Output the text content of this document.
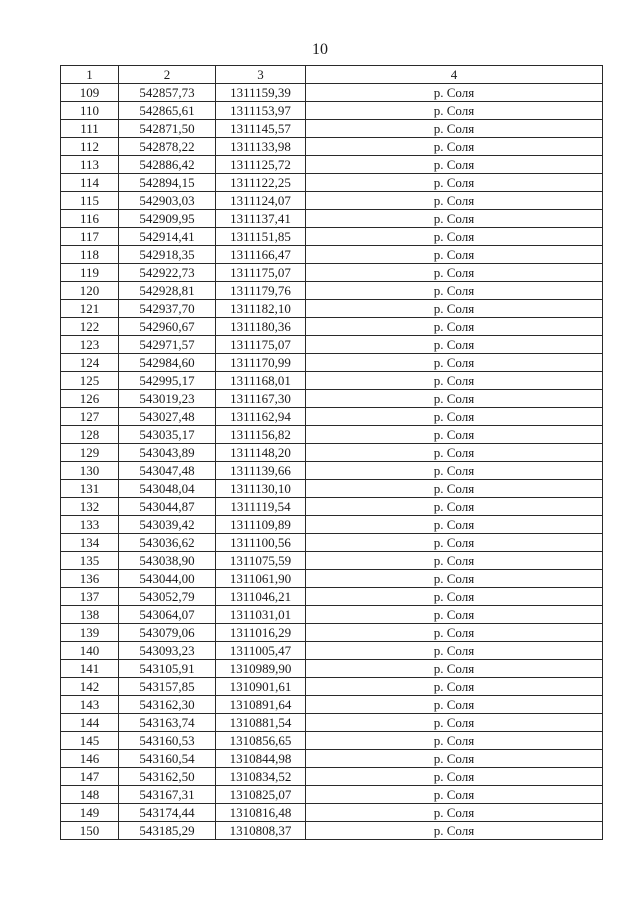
10
1	2	3	4
109	542857,73	1311159,39	р. Соля
110	542865,61	1311153,97	р. Соля
111	542871,50	1311145,57	р. Соля
112	542878,22	1311133,98	р. Соля
113	542886,42	1311125,72	р. Соля
114	542894,15	1311122,25	р. Соля
115	542903,03	1311124,07	р. Соля
116	542909,95	1311137,41	р. Соля
117	542914,41	1311151,85	р. Соля
118	542918,35	1311166,47	р. Соля
119	542922,73	1311175,07	р. Соля
120	542928,81	1311179,76	р. Соля
121	542937,70	1311182,10	р. Соля
122	542960,67	1311180,36	р. Соля
123	542971,57	1311175,07	р. Соля
124	542984,60	1311170,99	р. Соля
125	542995,17	1311168,01	р. Соля
126	543019,23	1311167,30	р. Соля
127	543027,48	1311162,94	р. Соля
128	543035,17	1311156,82	р. Соля
129	543043,89	1311148,20	р. Соля
130	543047,48	1311139,66	р. Соля
131	543048,04	1311130,10	р. Соля
132	543044,87	1311119,54	р. Соля
133	543039,42	1311109,89	р. Соля
134	543036,62	1311100,56	р. Соля
135	543038,90	1311075,59	р. Соля
136	543044,00	1311061,90	р. Соля
137	543052,79	1311046,21	р. Соля
138	543064,07	1311031,01	р. Соля
139	543079,06	1311016,29	р. Соля
140	543093,23	1311005,47	р. Соля
141	543105,91	1310989,90	р. Соля
142	543157,85	1310901,61	р. Соля
143	543162,30	1310891,64	р. Соля
144	543163,74	1310881,54	р. Соля
145	543160,53	1310856,65	р. Соля
146	543160,54	1310844,98	р. Соля
147	543162,50	1310834,52	р. Соля
148	543167,31	1310825,07	р. Соля
149	543174,44	1310816,48	р. Соля
150	543185,29	1310808,37	р. Соля
